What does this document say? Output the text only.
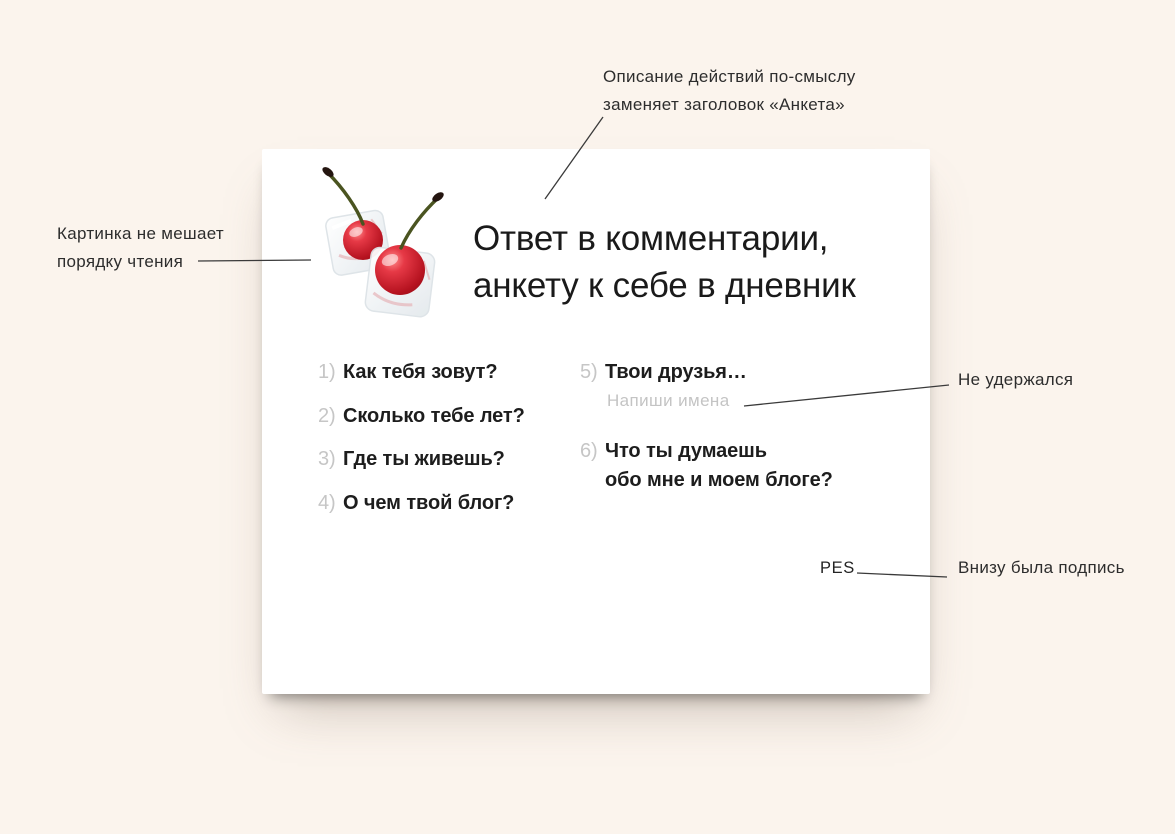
Описание действий по-смыслу
заменяет заголовок «Анкета»
Картинка не мешает
порядку чтения
Не удержался
Внизу была подпись
Ответ в комментарии,
анкету к себе в дневник
1) Как тебя зовут?
2) Сколько тебе лет?
3) Где ты живешь?
4) О чем твой блог?
5) Твои друзья…
Напиши имена
6) Что ты думаешь
обо мне и моем блоге?
PES
